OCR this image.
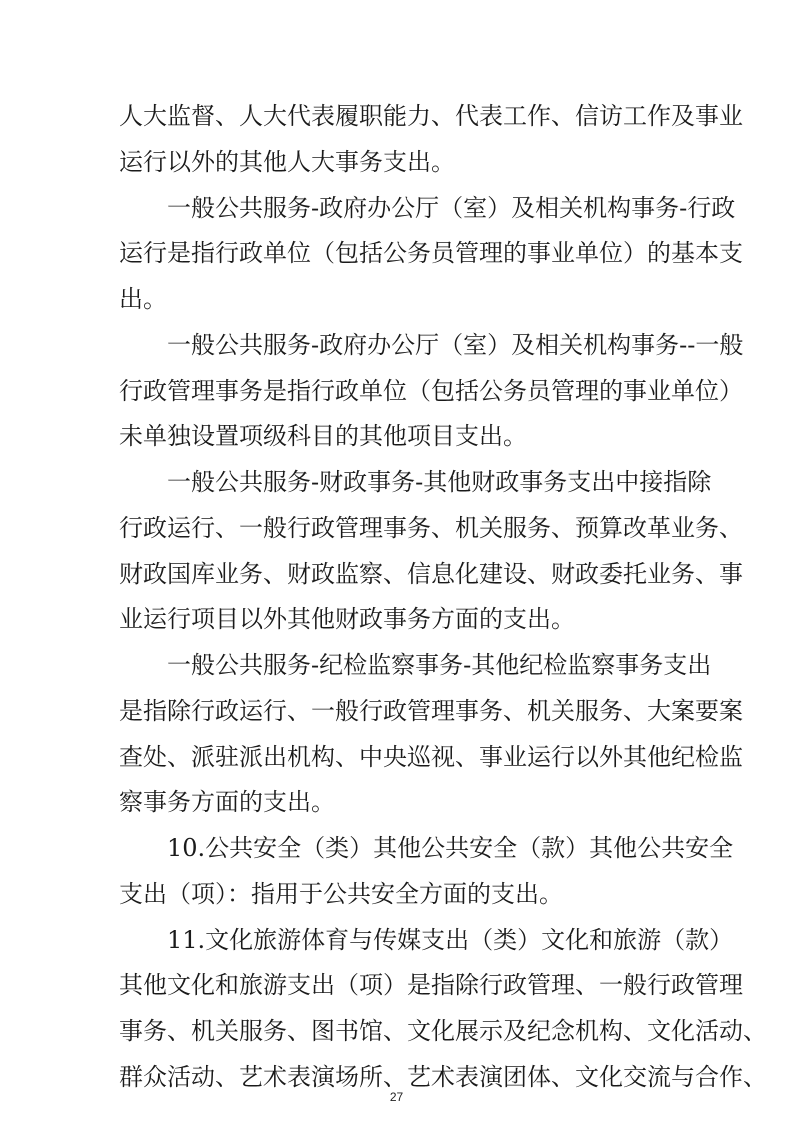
人大监督、人大代表履职能力、代表工作、信访工作及事业
运行以外的其他人大事务支出。
一般公共服务-政府办公厅（室）及相关机构事务-行政
运行是指行政单位（包括公务员管理的事业单位）的基本支
出。
一般公共服务-政府办公厅（室）及相关机构事务--一般
行政管理事务是指行政单位（包括公务员管理的事业单位）
未单独设置项级科目的其他项目支出。
一般公共服务-财政事务-其他财政事务支出中接指除
行政运行、一般行政管理事务、机关服务、预算改革业务、
财政国库业务、财政监察、信息化建设、财政委托业务、事
业运行项目以外其他财政事务方面的支出。
一般公共服务-纪检监察事务-其他纪检监察事务支出
是指除行政运行、一般行政管理事务、机关服务、大案要案
查处、派驻派出机构、中央巡视、事业运行以外其他纪检监
察事务方面的支出。
10.公共安全（类）其他公共安全（款）其他公共安全
支出（项）：指用于公共安全方面的支出。
11.文化旅游体育与传媒支出（类）文化和旅游（款）
其他文化和旅游支出（项）是指除行政管理、一般行政管理
事务、机关服务、图书馆、文化展示及纪念机构、文化活动、
群众活动、艺术表演场所、艺术表演团体、文化交流与合作、
27
